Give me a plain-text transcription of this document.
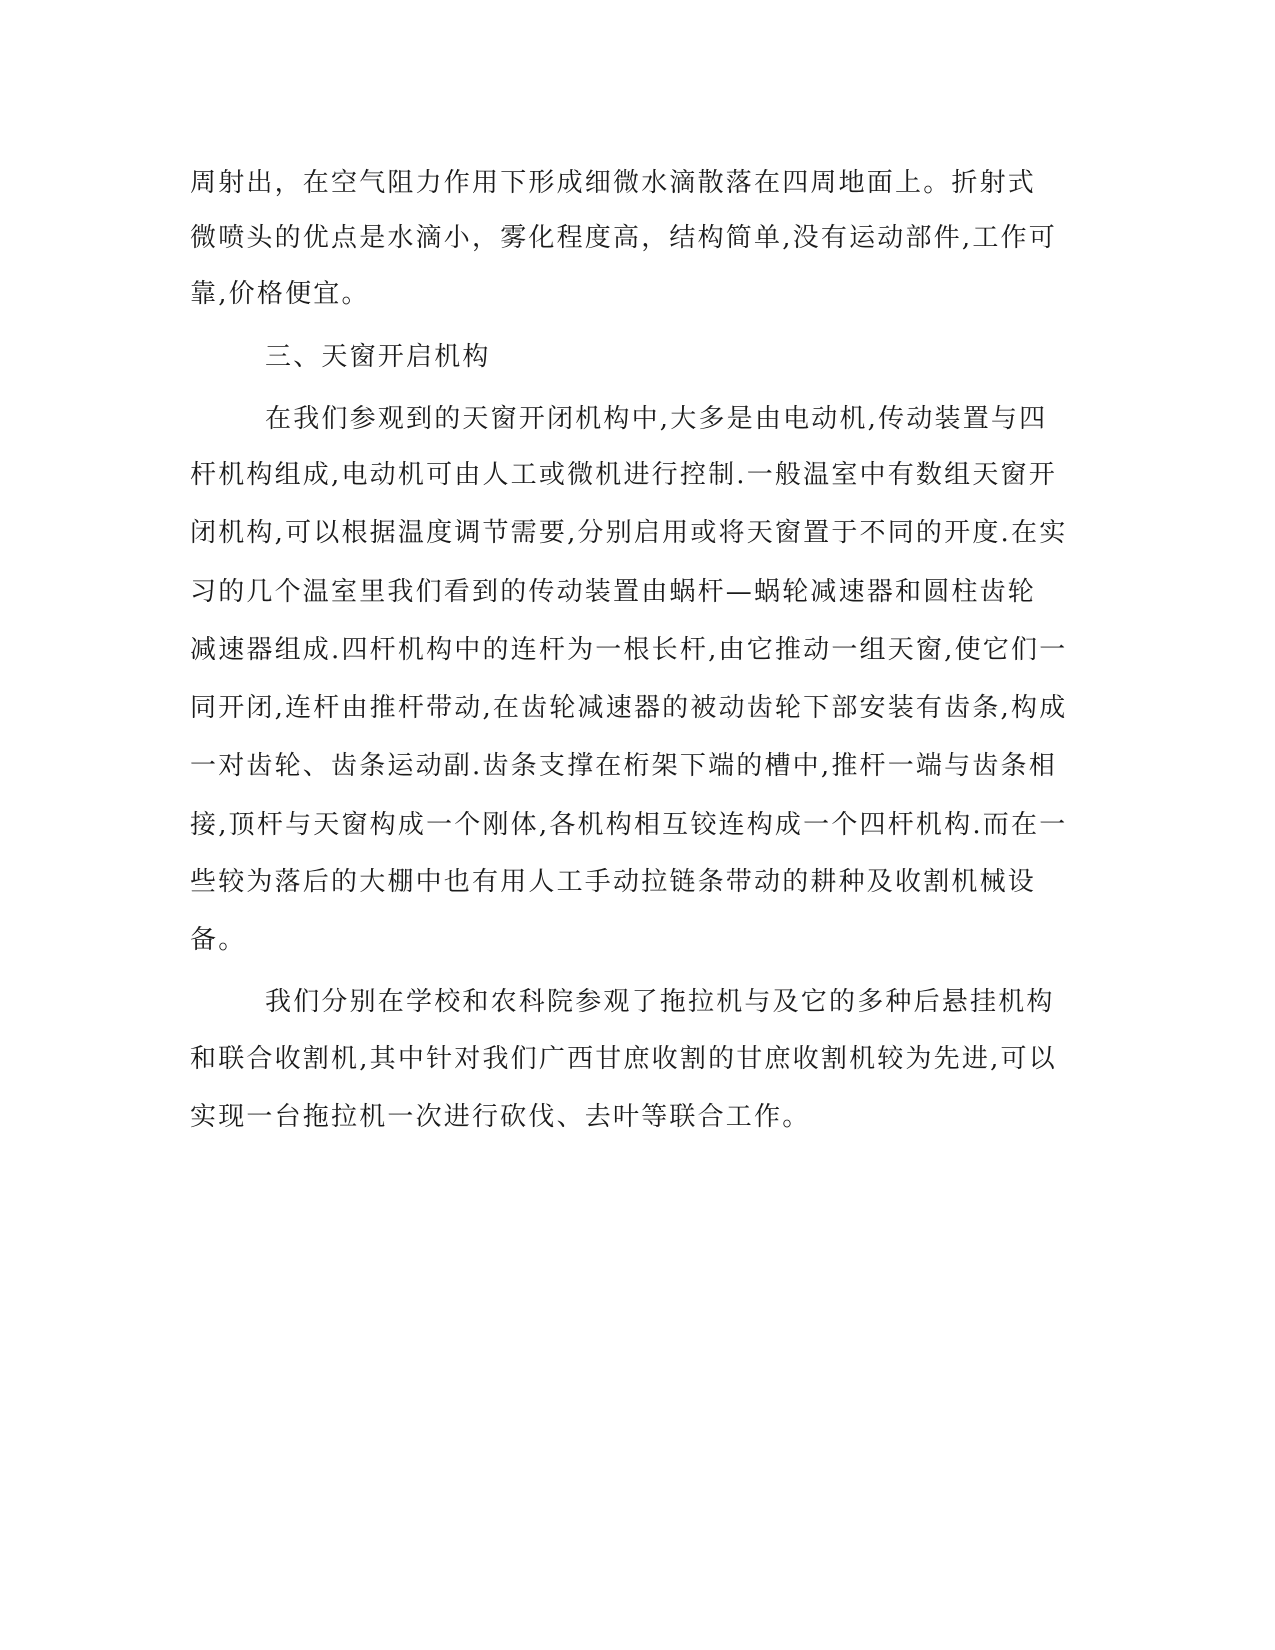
周射出，在空气阻力作用下形成细微水滴散落在四周地面上。折射式
微喷头的优点是水滴小，雾化程度高，结构简单,没有运动部件,工作可
靠,价格便宜。
三、天窗开启机构
在我们参观到的天窗开闭机构中,大多是由电动机,传动装置与四
杆机构组成,电动机可由人工或微机进行控制.一般温室中有数组天窗开
闭机构,可以根据温度调节需要,分别启用或将天窗置于不同的开度.在实
习的几个温室里我们看到的传动装置由蜗杆—蜗轮减速器和圆柱齿轮
减速器组成.四杆机构中的连杆为一根长杆,由它推动一组天窗,使它们一
同开闭,连杆由推杆带动,在齿轮减速器的被动齿轮下部安装有齿条,构成
一对齿轮、齿条运动副.齿条支撑在桁架下端的槽中,推杆一端与齿条相
接,顶杆与天窗构成一个刚体,各机构相互铰连构成一个四杆机构.而在一
些较为落后的大棚中也有用人工手动拉链条带动的耕种及收割机械设
备。
我们分别在学校和农科院参观了拖拉机与及它的多种后悬挂机构
和联合收割机,其中针对我们广西甘庶收割的甘庶收割机较为先进,可以
实现一台拖拉机一次进行砍伐、去叶等联合工作。
